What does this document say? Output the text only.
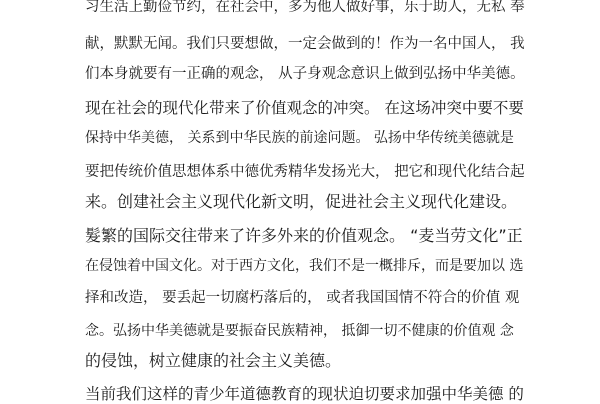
习生活上勤俭节约，在社会中，多为他人做好事，乐于助人，无私 奉
献，默默无闻。我们只要想做，一定会做到的！作为一名中国人， 我
们本身就要有一正确的观念， 从子身观念意识上做到弘扬中华美德。
现在社会的现代化带来了价值观念的冲突。 在这场冲突中要不要
保持中华美德， 关系到中华民族的前途问题。 弘扬中华传统美德就是
要把传统价值思想体系中德优秀精华发扬光大， 把它和现代化结合起
来。创建社会主义现代化新文明，促进社会主义现代化建设。
髮繁的国际交往带来了许多外来的价值观念。 “麦当劳文化”正
在侵蚀着中国文化。对于西方文化，我们不是一概排斥，而是要加以 选
择和改造， 要丢起一切腐朽落后的， 或者我国国情不符合的价值 观
念。弘扬中华美德就是要振奋民族精神， 抵御一切不健康的价值观 念
的侵蚀，树立健康的社会主义美德。
当前我们这样的青少年道德教育的现状迫切要求加强中华美德 的
